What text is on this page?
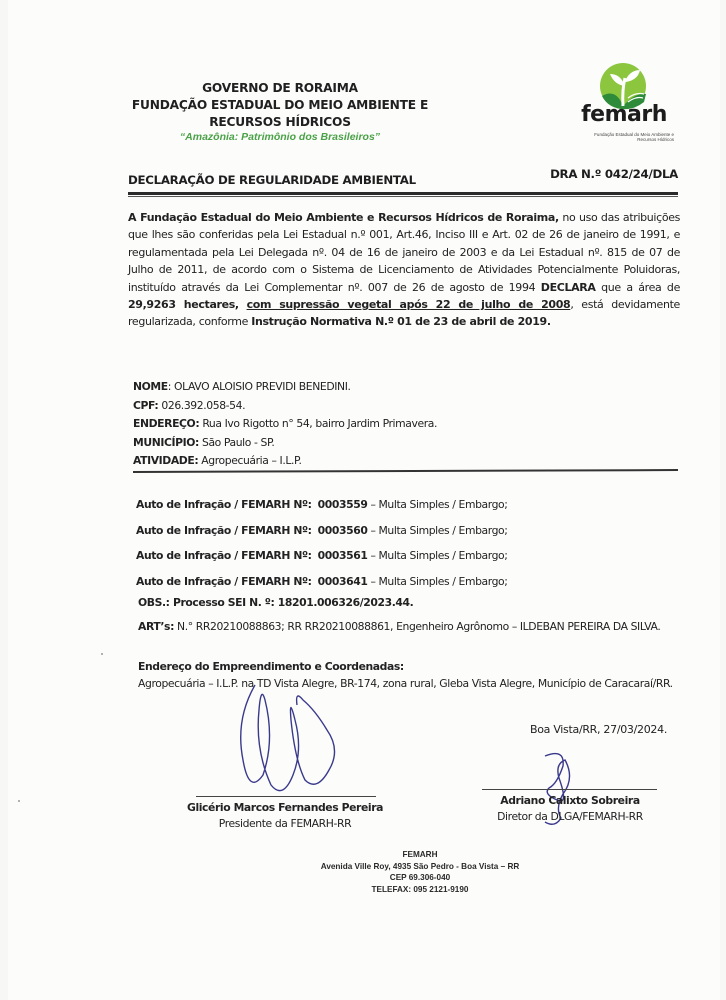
GOVERNO DE RORAIMA
FUNDAÇÃO ESTADUAL DO MEIO AMBIENTE E
RECURSOS HÍDRICOS
“Amazônia: Patrimônio dos Brasileiros”
femarh
Fundação Estadual do Meio Ambiente e Recursos Hídricos
DECLARAÇÃO DE REGULARIDADE AMBIENTAL	DRA N.º 042/24/DLA
A Fundação Estadual do Meio Ambiente e Recursos Hídricos de Roraima, no uso das atribuições que lhes são conferidas pela Lei Estadual n.º 001, Art.46, Inciso III e Art. 02 de 26 de janeiro de 1991, e regulamentada pela Lei Delegada nº. 04 de 16 de janeiro de 2003 e da Lei Estadual nº. 815 de 07 de Julho de 2011, de acordo com o Sistema de Licenciamento de Atividades Potencialmente Poluidoras, instituído através da Lei Complementar nº. 007 de 26 de agosto de 1994 DECLARA que a área de 29,9263 hectares, com supressão vegetal após 22 de julho de 2008, está devidamente regularizada, conforme Instrução Normativa N.º 01 de 23 de abril de 2019.
NOME: OLAVO ALOISIO PREVIDI BENEDINI.
CPF: 026.392.058-54.
ENDEREÇO: Rua Ivo Rigotto n° 54, bairro Jardim Primavera.
MUNICÍPIO: São Paulo - SP.
ATIVIDADE: Agropecuária – I.L.P.
Auto de Infração / FEMARH Nº: 0003559 – Multa Simples / Embargo;
Auto de Infração / FEMARH Nº: 0003560 – Multa Simples / Embargo;
Auto de Infração / FEMARH Nº: 0003561 – Multa Simples / Embargo;
Auto de Infração / FEMARH Nº: 0003641 – Multa Simples / Embargo;
OBS.: Processo SEI N. º: 18201.006326/2023.44.
ART’s: N.° RR20210088863; RR RR20210088861, Engenheiro Agrônomo – ILDEBAN PEREIRA DA SILVA.
Endereço do Empreendimento e Coordenadas:
Agropecuária – I.L.P. na TD Vista Alegre, BR-174, zona rural, Gleba Vista Alegre, Município de Caracaraí/RR.
Boa Vista/RR, 27/03/2024.
Glicério Marcos Fernandes Pereira
Presidente da FEMARH-RR
Adriano Calixto Sobreira
Diretor da DLGA/FEMARH-RR
FEMARH
Avenida Ville Roy, 4935 São Pedro - Boa Vista – RR
CEP 69.306-040
TELEFAX: 095 2121-9190
